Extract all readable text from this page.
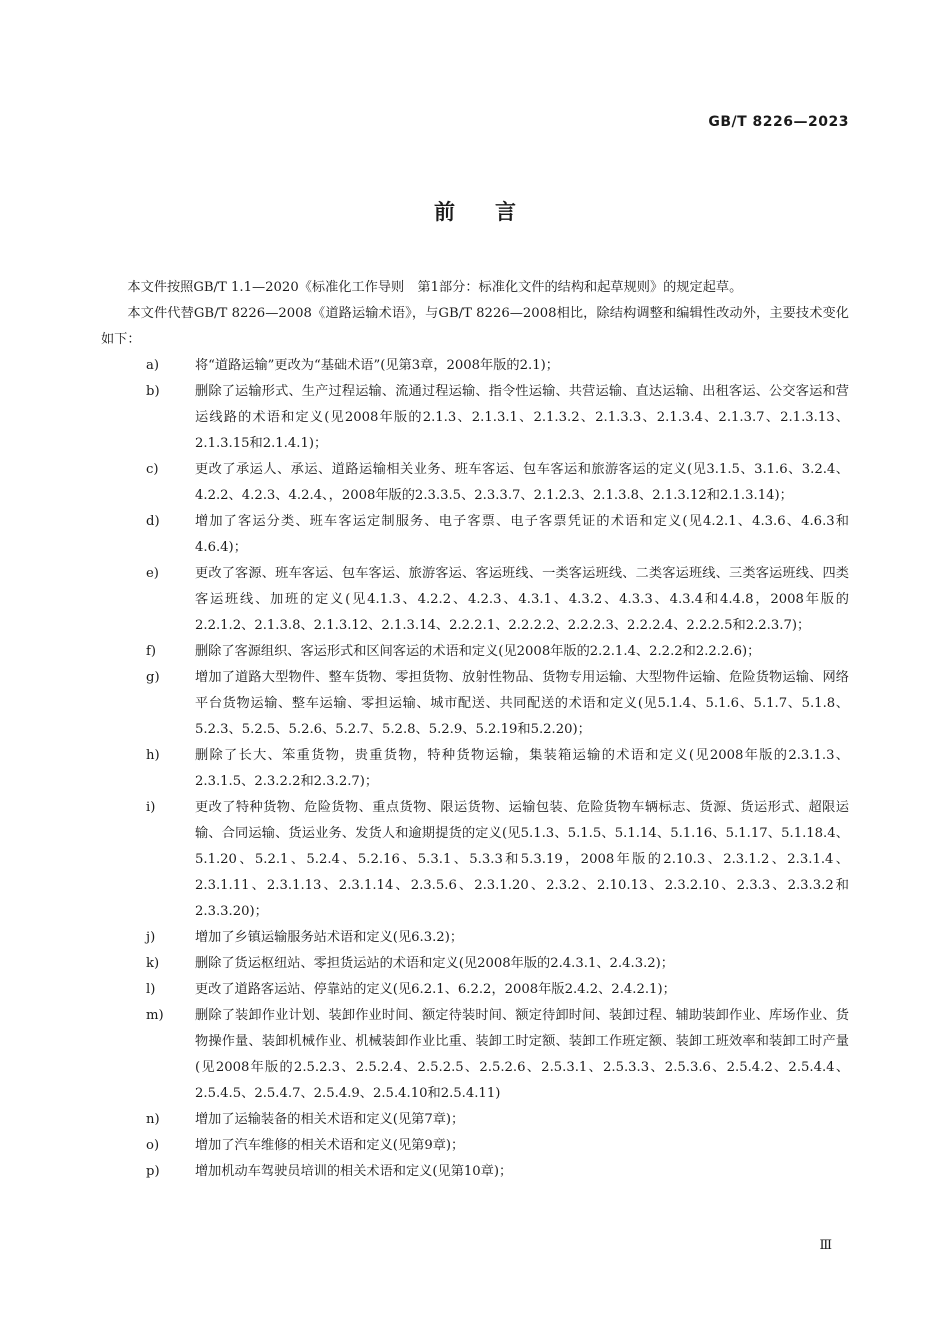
GB/T 8226—2023
前言

本文件按照GB/T 1.1—2020《标准化工作导则　第1部分：标准化文件的结构和起草规则》的规定起草。

本文件代替GB/T 8226—2008《道路运输术语》，与GB/T 8226—2008相比，除结构调整和编辑性改动外，主要技术变化如下：

a)	将“道路运输”更改为“基础术语”(见第3章，2008年版的2.1)；
b)	删除了运输形式、生产过程运输、流通过程运输、指令性运输、共营运输、直达运输、出租客运、公交客运和营运线路的术语和定义(见2008年版的2.1.3、2.1.3.1、2.1.3.2、2.1.3.3、2.1.3.4、2.1.3.7、2.1.3.13、2.1.3.15和2.1.4.1)；
c)	更改了承运人、承运、道路运输相关业务、班车客运、包车客运和旅游客运的定义(见3.1.5、3.1.6、3.2.4、4.2.2、4.2.3、4.2.4、，2008年版的2.3.3.5、2.3.3.7、2.1.2.3、2.1.3.8、2.1.3.12和2.1.3.14)；
d)	增加了客运分类、班车客运定制服务、电子客票、电子客票凭证的术语和定义(见4.2.1、4.3.6、4.6.3和4.6.4)；
e)	更改了客源、班车客运、包车客运、旅游客运、客运班线、一类客运班线、二类客运班线、三类客运班线、四类客运班线、加班的定义(见4.1.3、4.2.2、4.2.3、4.3.1、4.3.2、4.3.3、4.3.4和4.4.8，2008年版的2.2.1.2、2.1.3.8、2.1.3.12、2.1.3.14、2.2.2.1、2.2.2.2、2.2.2.3、2.2.2.4、2.2.2.5和2.2.3.7)；
f)	删除了客源组织、客运形式和区间客运的术语和定义(见2008年版的2.2.1.4、2.2.2和2.2.2.6)；
g)	增加了道路大型物件、整车货物、零担货物、放射性物品、货物专用运输、大型物件运输、危险货物运输、网络平台货物运输、整车运输、零担运输、城市配送、共同配送的术语和定义(见5.1.4、5.1.6、5.1.7、5.1.8、5.2.3、5.2.5、5.2.6、5.2.7、5.2.8、5.2.9、5.2.19和5.2.20)；
h)	删除了长大、笨重货物，贵重货物，特种货物运输，集装箱运输的术语和定义(见2008年版的2.3.1.3、2.3.1.5、2.3.2.2和2.3.2.7)；
i)	更改了特种货物、危险货物、重点货物、限运货物、运输包装、危险货物车辆标志、货源、货运形式、超限运输、合同运输、货运业务、发货人和逾期提货的定义(见5.1.3、5.1.5、5.1.14、5.1.16、5.1.17、5.1.18.4、5.1.20、5.2.1、5.2.4、5.2.16、5.3.1、5.3.3和5.3.19，2008年版的2.10.3、2.3.1.2、2.3.1.4、2.3.1.11、2.3.1.13、2.3.1.14、2.3.5.6、2.3.1.20、2.3.2、2.10.13、2.3.2.10、2.3.3、2.3.3.2和2.3.3.20)；
j)	增加了乡镇运输服务站术语和定义(见6.3.2)；
k)	删除了货运枢纽站、零担货运站的术语和定义(见2008年版的2.4.3.1、2.4.3.2)；
l)	更改了道路客运站、停靠站的定义(见6.2.1、6.2.2，2008年版2.4.2、2.4.2.1)；
m)	删除了装卸作业计划、装卸作业时间、额定待装时间、额定待卸时间、装卸过程、辅助装卸作业、库场作业、货物操作量、装卸机械作业、机械装卸作业比重、装卸工时定额、装卸工作班定额、装卸工班效率和装卸工时产量(见2008年版的2.5.2.3、2.5.2.4、2.5.2.5、2.5.2.6、2.5.3.1、2.5.3.3、2.5.3.6、2.5.4.2、2.5.4.4、2.5.4.5、2.5.4.7、2.5.4.9、2.5.4.10和2.5.4.11)
n)	增加了运输装备的相关术语和定义(见第7章)；
o)	增加了汽车维修的相关术语和定义(见第9章)；
p)	增加机动车驾驶员培训的相关术语和定义(见第10章)；
Ⅲ
